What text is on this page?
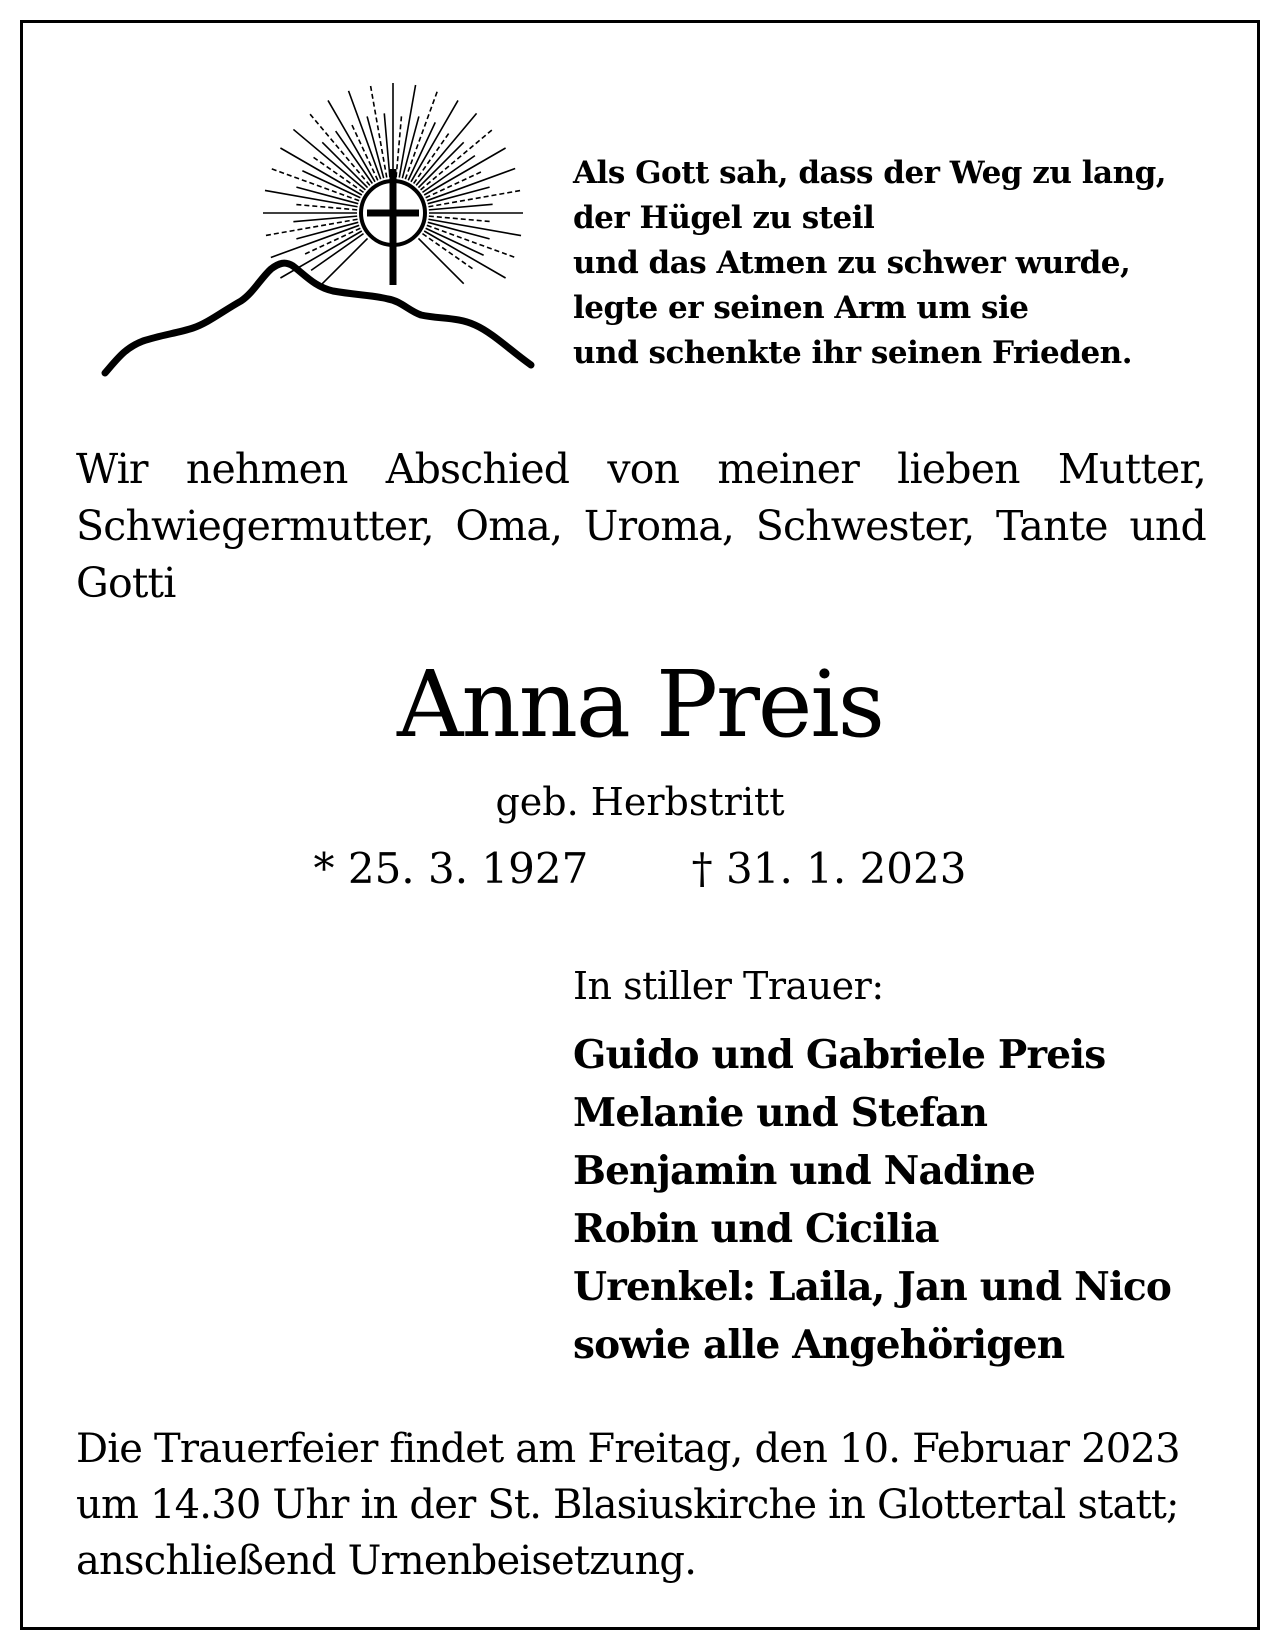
Als Gott sah, dass der Weg zu lang,
der Hügel zu steil
und das Atmen zu schwer wurde,
legte er seinen Arm um sie
und schenkte ihr seinen Frieden.
Wir nehmen Abschied von meiner lieben Mutter, Schwiegermutter, Oma, Uroma, Schwester, Tante und Gotti
Anna Preis
geb. Herbstritt
* 25. 3. 1927 † 31. 1. 2023
In stiller Trauer:
Guido und Gabriele Preis
Melanie und Stefan
Benjamin und Nadine
Robin und Cicilia
Urenkel: Laila, Jan und Nico
sowie alle Angehörigen
Die Trauerfeier findet am Freitag, den 10. Februar 2023
um 14.30 Uhr in der St. Blasiuskirche in Glottertal statt;
anschließend Urnenbeisetzung.
